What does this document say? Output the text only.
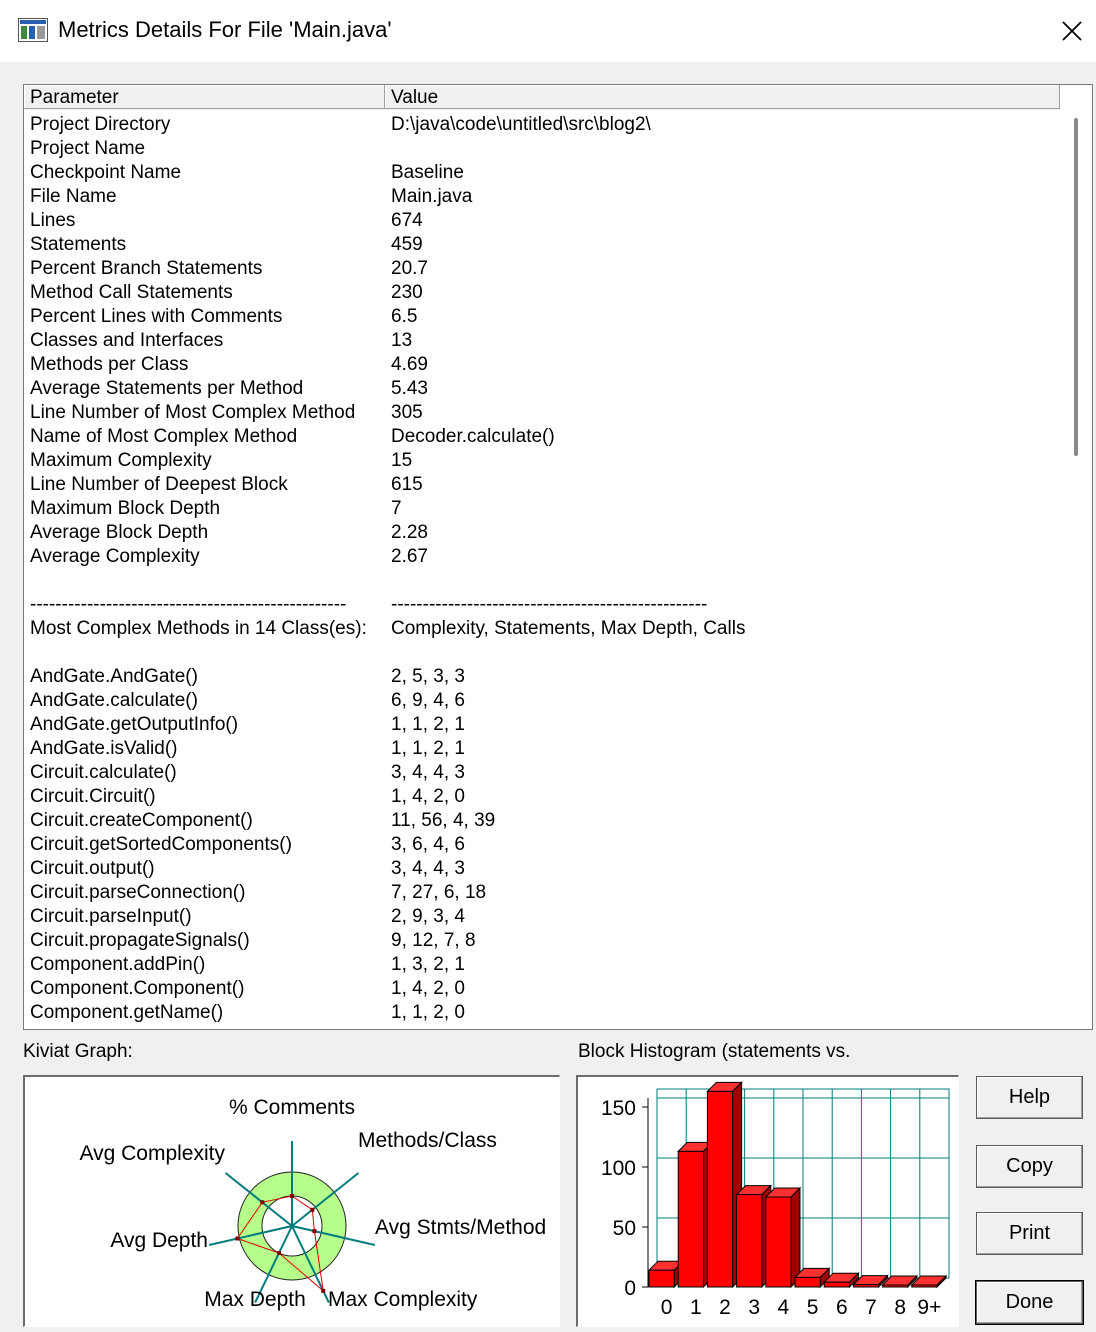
Metrics Details For File 'Main.java'
Parameter	Value
Project Directory	D:\java\code\untitled\src\blog2\
Project Name
Checkpoint Name	Baseline
File Name	Main.java
Lines	674
Statements	459
Percent Branch Statements	20.7
Method Call Statements	230
Percent Lines with Comments	6.5
Classes and Interfaces	13
Methods per Class	4.69
Average Statements per Method	5.43
Line Number of Most Complex Method 305
Name of Most Complex Method	Decoder.calculate()
Maximum Complexity	15
Line Number of Deepest Block	615
Maximum Block Depth	7
Average Block Depth	2.28
Average Complexity	2.67
-------------------------------------------------- --------------------------------------------------
Most Complex Methods in 14 Class(es): Complexity, Statements, Max Depth, Calls
AndGate.AndGate()	2, 5, 3, 3
AndGate.calculate()	6, 9, 4, 6
AndGate.getOutputInfo()	1, 1, 2, 1
AndGate.isValid()	1, 1, 2, 1
Circuit.calculate()	3, 4, 4, 3
Circuit.Circuit()	1, 4, 2, 0
Circuit.createComponent()	11, 56, 4, 39
Circuit.getSortedComponents()	3, 6, 4, 6
Circuit.output()	3, 4, 4, 3
Circuit.parseConnection()	7, 27, 6, 18
Circuit.parseInput()	2, 9, 3, 4
Circuit.propagateSignals()	9, 12, 7, 8
Component.addPin()	1, 3, 2, 1
Component.Component()	1, 4, 2, 0
Component.getName()	1, 1, 2, 0
Kiviat Graph:
% Comments
Methods/Class
Avg Stmts/Method
Max Complexity
Max Depth
Avg Depth
Avg Complexity
Block Histogram (statements vs.
0
50
100
150
0 1 2 3 4 5 6 7 8 9+
Help
Copy
Print
Done
